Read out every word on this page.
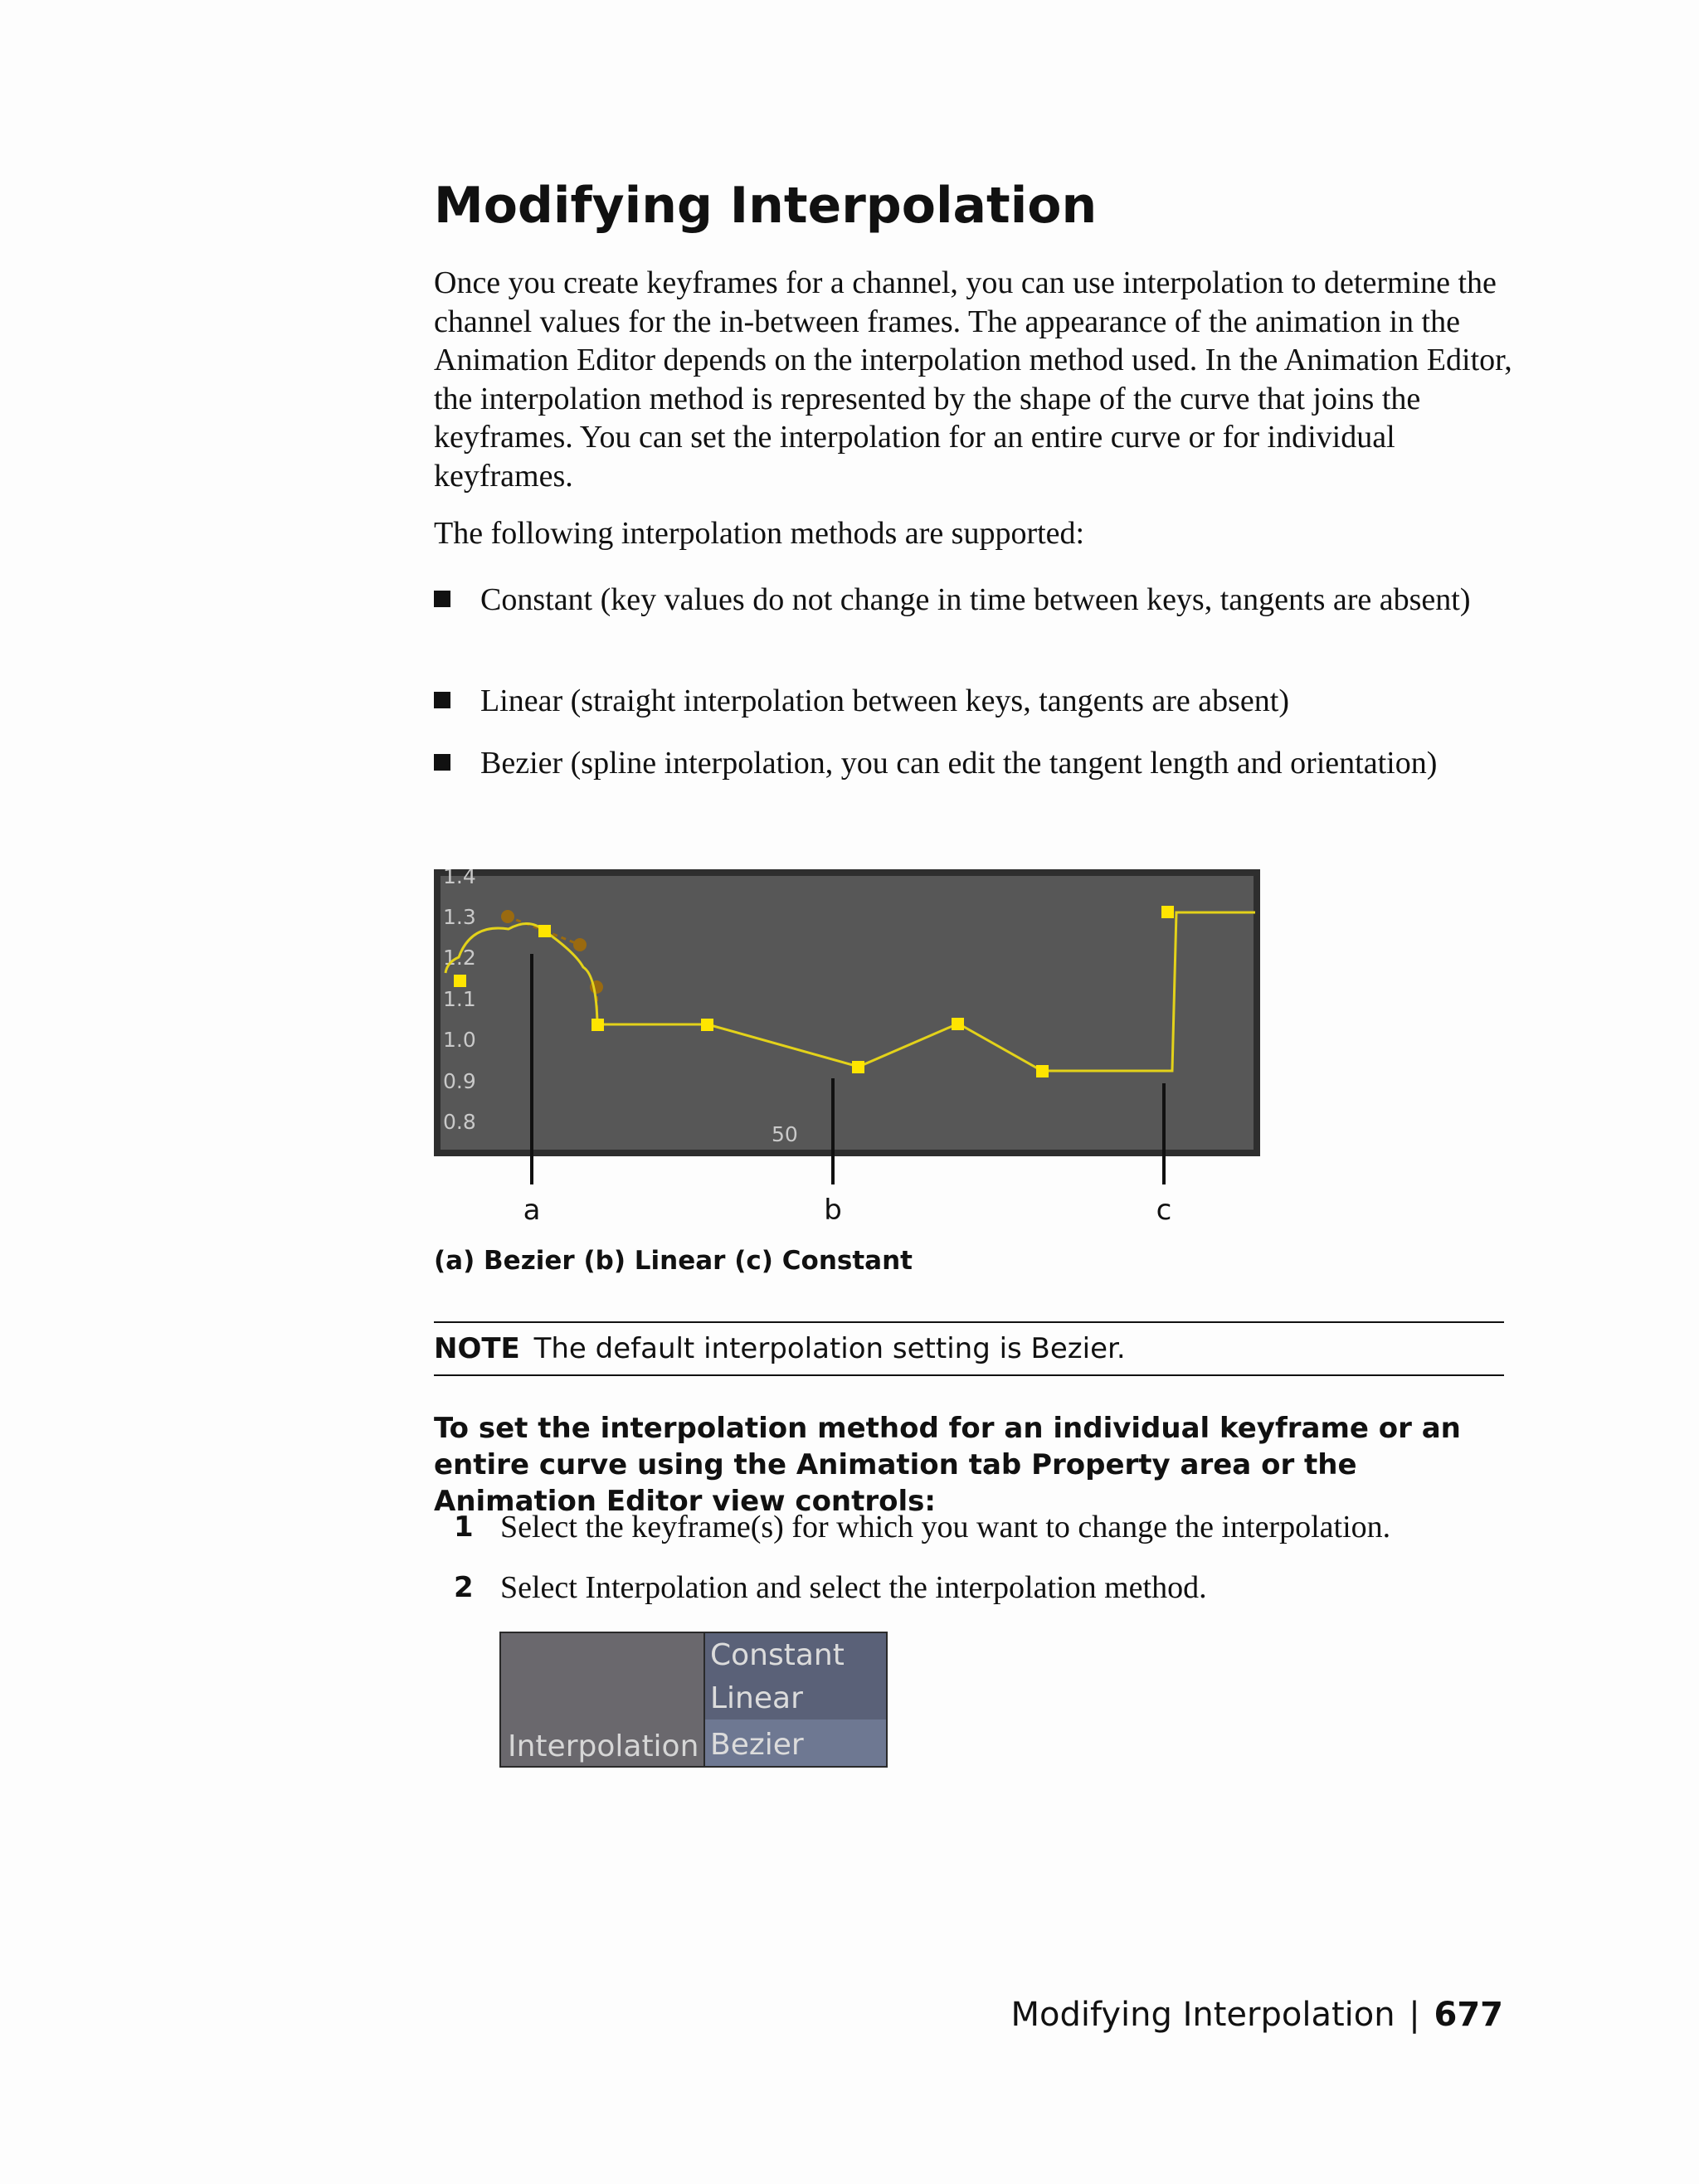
Modifying Interpolation

Once you create keyframes for a channel, you can use interpolation to determine the channel values for the in-between frames. The appearance of the animation in the Animation Editor depends on the interpolation method used. In the Animation Editor, the interpolation method is represented by the shape of the curve that joins the keyframes. You can set the interpolation for an entire curve or for individual keyframes.

The following interpolation methods are supported:

Constant (key values do not change in time between keys, tangents are absent)
Linear (straight interpolation between keys, tangents are absent)
Bezier (spline interpolation, you can edit the tangent length and orientation)
1.4
1.3
1.2
1.1
1.0
0.9
0.8
50
a	b	c
(a) Bezier (b) Linear (c) Constant
NOTE The default interpolation setting is Bezier.
To set the interpolation method for an individual keyframe or an entire curve using the Animation tab Property area or the Animation Editor view controls:
1 Select the keyframe(s) for which you want to change the interpolation.
2 Select Interpolation and select the interpolation method.
Interpolation
Constant
Linear
Bezier
Modifying Interpolation | 677
